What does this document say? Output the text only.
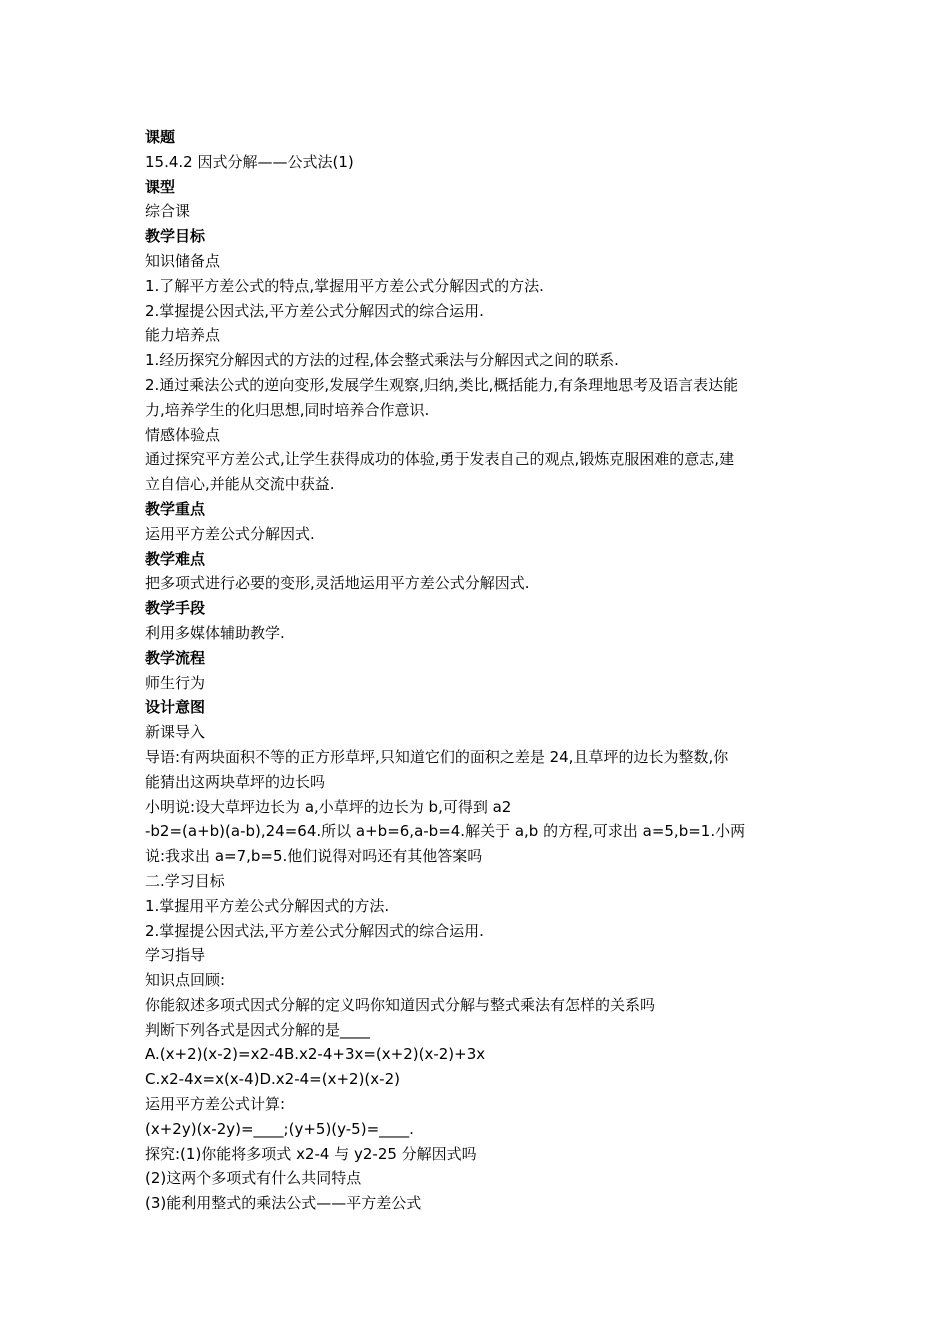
课题

15.4.2 因式分解——公式法(1)

课型

综合课

教学目标

知识储备点

1.了解平方差公式的特点,掌握用平方差公式分解因式的方法.

2.掌握提公因式法,平方差公式分解因式的综合运用.

能力培养点

1.经历探究分解因式的方法的过程,体会整式乘法与分解因式之间的联系.

2.通过乘法公式的逆向变形,发展学生观察,归纳,类比,概括能力,有条理地思考及语言表达能

力,培养学生的化归思想,同时培养合作意识.

情感体验点

通过探究平方差公式,让学生获得成功的体验,勇于发表自己的观点,锻炼克服困难的意志,建

立自信心,并能从交流中获益.

教学重点

运用平方差公式分解因式.

教学难点

把多项式进行必要的变形,灵活地运用平方差公式分解因式.

教学手段

利用多媒体辅助教学.

教学流程

师生行为

设计意图

新课导入

导语:有两块面积不等的正方形草坪,只知道它们的面积之差是 24,且草坪的边长为整数,你

能猜出这两块草坪的边长吗

小明说:设大草坪边长为 a,小草坪的边长为 b,可得到 a2

-b2=(a+b)(a-b),24=64.所以 a+b=6,a-b=4.解关于 a,b 的方程,可求出 a=5,b=1.小两

说:我求出 a=7,b=5.他们说得对吗还有其他答案吗

二.学习目标

1.掌握用平方差公式分解因式的方法.

2.掌握提公因式法,平方差公式分解因式的综合运用.

学习指导

知识点回顾:

你能叙述多项式因式分解的定义吗你知道因式分解与整式乘法有怎样的关系吗

判断下列各式是因式分解的是____

A.(x+2)(x-2)=x2-4B.x2-4+3x=(x+2)(x-2)+3x

C.x2-4x=x(x-4)D.x2-4=(x+2)(x-2)

运用平方差公式计算:

(x+2y)(x-2y)=____;(y+5)(y-5)=____.

探究:(1)你能将多项式 x2-4 与 y2-25 分解因式吗

(2)这两个多项式有什么共同特点

(3)能利用整式的乘法公式——平方差公式
